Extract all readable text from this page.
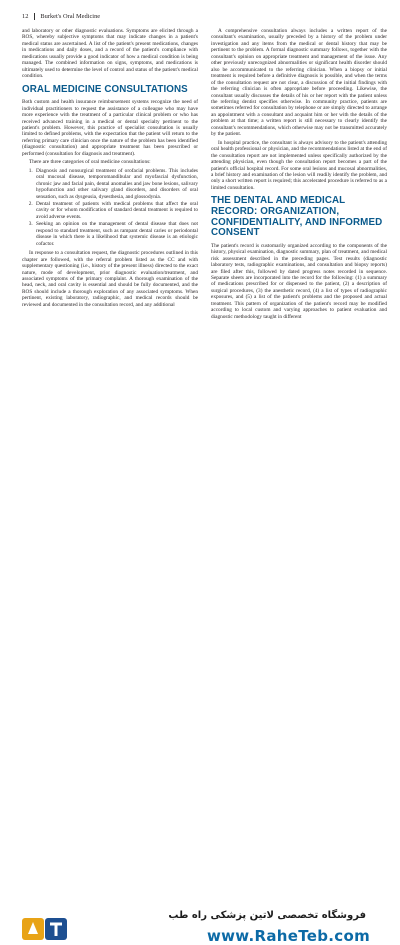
12 Burket's Oral Medicine

and laboratory or other diagnostic evaluations. Symptoms are elicited through a ROS, whereby subjective symptoms that may indicate changes in a patient's medical status are ascertained. A list of the patient's present medications, changes in medications and daily doses, and a record of the patient's compliance with medications usually provide a good indicator of how a medical condition is being managed. The combined information on signs, symptoms, and medications is ultimately used to determine the level of control and status of the patient's medical condition.

ORAL MEDICINE CONSULTATIONS

Both custom and health insurance reimbursement systems recognize the need of individual practitioners to request the assistance of a colleague who may have more experience with the treatment of a particular clinical problem or who has received advanced training in a medical or dental specialty pertinent to the patient's problem. However, this practice of specialist consultation is usually limited to defined problems, with the expectation that the patient will return to the referring primary care clinician once the nature of the problem has been identified (diagnostic consultation) and appropriate treatment has been prescribed or performed (consultation for diagnosis and treatment).

There are three categories of oral medicine consultations:

1. Diagnosis and nonsurgical treatment of orofacial problems. This includes oral mucosal disease, temporomandibular and myofascial dysfunction, chronic jaw and facial pain, dental anomalies and jaw bone lesions, salivary hypofunction and other salivary gland disorders, and disorders of oral sensation, such as dysgeusia, dysesthesia, and glossodynia.
2. Dental treatment of patients with medical problems that affect the oral cavity or for whom modification of standard dental treatment is required to avoid adverse events.
3. Seeking an opinion on the management of dental disease that does not respond to standard treatment, such as rampant dental caries or periodontal disease in which there is a likelihood that systemic disease is an etiologic cofactor.

In response to a consultation request, the diagnostic procedures outlined in this chapter are followed, with the referral problem listed as the CC and with supplementary questioning (i.e., history of the present illness) directed to the exact nature, mode of development, prior diagnostic evaluation/treatment, and associated symptoms of the primary complaint. A thorough examination of the head, neck, and oral cavity is essential and should be fully documented, and the ROS should include a thorough exploration of any associated symptoms. When pertinent, existing laboratory, radiographic, and medical records should be reviewed and documented in the consultation record, and any additional

A comprehensive consultation always includes a written report of the consultant's examination, usually preceded by a history of the problem under investigation and any items from the medical or dental history that may be pertinent to the problem. A formal diagnostic summary follows, together with the consultant's opinion on appropriate treatment and management of the issue. Any other previously unrecognized abnormalities or significant health disorder should also be accommunicated to the referring clinician. When a biopsy or initial treatment is required before a definitive diagnosis is possible, and when the terms of the consultation request are not clear, a discussion of the initial findings with the referring clinician is often appropriate before proceeding. Likewise, the consultant usually discusses the details of his or her report with the patient unless the referring dentist specifies otherwise. In community practice, patients are sometimes referred for consultation by telephone or are simply directed to arrange an appointment with a consultant and acquaint him or her with the details of the problem at that time; a written report is still necessary to clearly identify the consultant's recommendations, which otherwise may not be transmitted accurately by the patient.

In hospital practice, the consultant is always advisory to the patient's attending oral health professional or physician, and the recommendations listed at the end of the consultation report are not implemented unless specifically authorized by the attending physician, even though the consultation report becomes a part of the patient's official hospital record. For some oral lesions and mucosal abnormalities, a brief history and examination of the lesion will readily identify the problem, and only a short written report is required; this accelerated procedure is referred to as a limited consultation.

THE DENTAL AND MEDICAL RECORD: ORGANIZATION, CONFIDENTIALITY, AND INFORMED CONSENT

The patient's record is customarily organized according to the components of the history, physical examination, diagnostic summary, plan of treatment, and medical risk assessment described in the preceding pages. Test results (diagnostic laboratory tests, radiographic examinations, and consultation and biopsy reports) are filed after this, followed by dated progress notes recorded in sequence. Separate sheets are incorporated into the record for the following: (1) a summary of medications prescribed for or dispensed to the patient, (2) a description of surgical procedures, (3) the anesthetic record, (4) a list of types of radiographic exposures, and (5) a list of the patient's problems and the proposed and actual treatment. This pattern of organization of the patient's record may be modified according to local custom and varying approaches to patient evaluation and diagnostic methodology taught in different

فروشگاه تخصصی لاتین پزشکی راه طب
www.RaheTeb.com
